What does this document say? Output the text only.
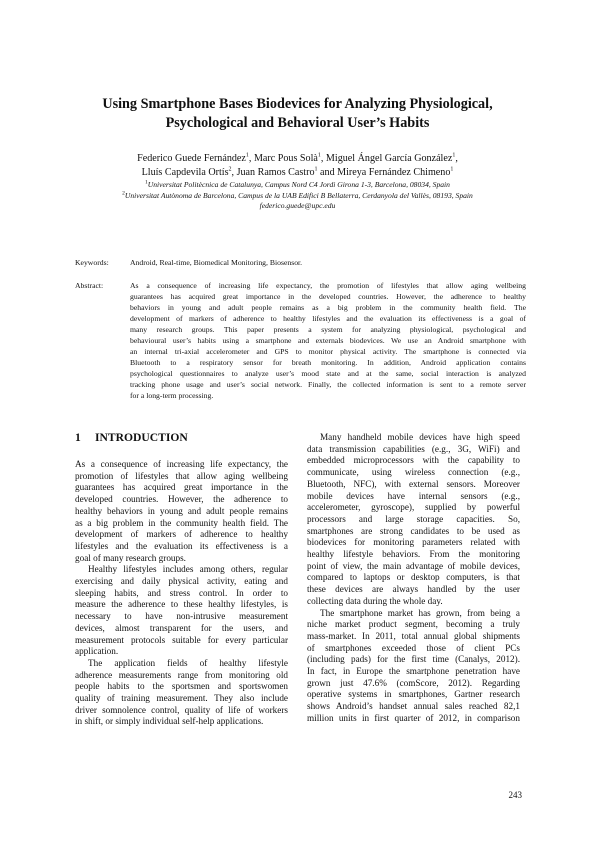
Using Smartphone Bases Biodevices for Analyzing Physiological,
Psychological and Behavioral User’s Habits
Federico Guede Fernández$^1$, Marc Pous Solà$^1$, Miguel Ángel García González$^1$,
Lluís Capdevila Ortís$^2$, Juan Ramos Castro$^1$ and Mireya Fernández Chimeno$^1$
$^1$Universitat Politècnica de Catalunya, Campus Nord C4 Jordi Girona 1-3, Barcelona, 08034, Spain
$^2$Universitat Autònoma de Barcelona, Campus de la UAB Edifici B Bellaterra, Cerdanyola del Vallès, 08193, Spain
federico.guede@upc.edu
Keywords:	Android, Real-time, Biomedical Monitoring, Biosensor.
Abstract:	As a consequence of increasing life expectancy, the promotion of lifestyles that allow aging wellbeing
guarantees has acquired great importance in the developed countries. However, the adherence to healthy
behaviors in young and adult people remains as a big problem in the community health field. The
development of markers of adherence to healthy lifestyles and the evaluation its effectiveness is a goal of
many research groups. This paper presents a system for analyzing physiological, psychological and
behavioural user’s habits using a smartphone and externals biodevices. We use an Android smartphone with
an internal tri-axial accelerometer and GPS to monitor physical activity. The smartphone is connected via
Bluetooth to a respiratory sensor for breath monitoring. In addition, Android application contains
psychological questionnaires to analyze user’s mood state and at the same, social interaction is analyzed
tracking phone usage and user’s social network. Finally, the collected information is sent to a remote server
for a long-term processing.
1 INTRODUCTION
As a consequence of increasing life expectancy, the
promotion of lifestyles that allow aging wellbeing
guarantees has acquired great importance in the
developed countries. However, the adherence to
healthy behaviors in young and adult people remains
as a big problem in the community health field. The
development of markers of adherence to healthy
lifestyles and the evaluation its effectiveness is a
goal of many research groups.
Healthy lifestyles includes among others, regular
exercising and daily physical activity, eating and
sleeping habits, and stress control. In order to
measure the adherence to these healthy lifestyles, is
necessary to have non-intrusive measurement
devices, almost transparent for the users, and
measurement protocols suitable for every particular
application.
The application fields of healthy lifestyle
adherence measurements range from monitoring old
people habits to the sportsmen and sportswomen
quality of training measurement. They also include
driver somnolence control, quality of life of workers
in shift, or simply individual self-help applications.
Many handheld mobile devices have high speed
data transmission capabilities (e.g., 3G, WiFi) and
embedded microprocessors with the capability to
communicate, using wireless connection (e.g.,
Bluetooth, NFC), with external sensors. Moreover
mobile devices have internal sensors (e.g.,
accelerometer, gyroscope), supplied by powerful
processors and large storage capacities. So,
smartphones are strong candidates to be used as
biodevices for monitoring parameters related with
healthy lifestyle behaviors. From the monitoring
point of view, the main advantage of mobile devices,
compared to laptops or desktop computers, is that
these devices are always handled by the user
collecting data during the whole day.
The smartphone market has grown, from being a
niche market product segment, becoming a truly
mass-market. In 2011, total annual global shipments
of smartphones exceeded those of client PCs
(including pads) for the first time (Canalys, 2012).
In fact, in Europe the smartphone penetration have
grown just 47.6% (comScore, 2012). Regarding
operative systems in smartphones, Gartner research
shows Android’s handset annual sales reached 82,1
million units in first quarter of 2012, in comparison
243
